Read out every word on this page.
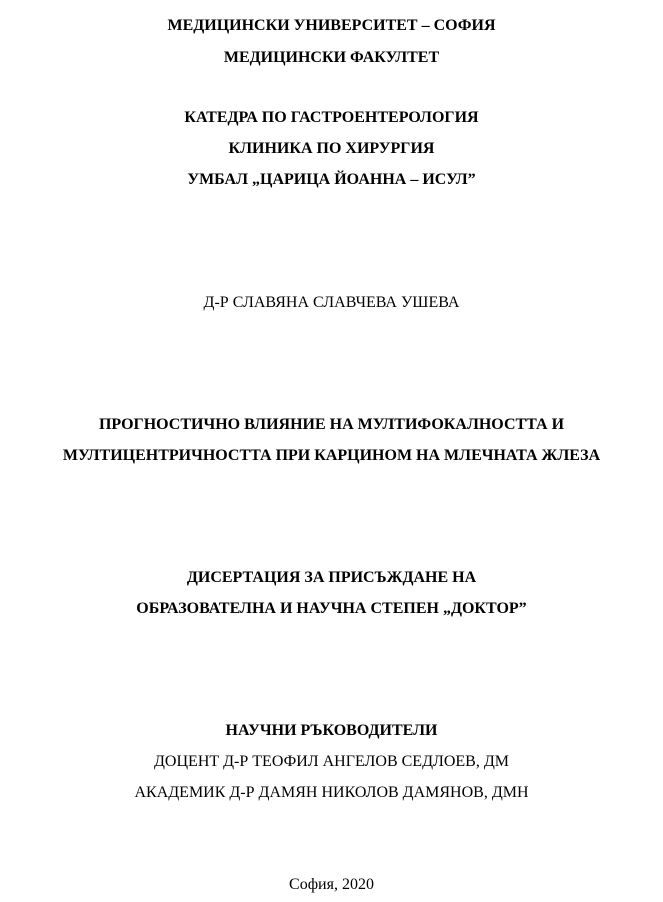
МЕДИЦИНСКИ УНИВЕРСИТЕТ – СОФИЯ
МЕДИЦИНСКИ ФАКУЛТЕТ
КАТЕДРА ПО ГАСТРОЕНТЕРОЛОГИЯ
КЛИНИКА ПО ХИРУРГИЯ
УМБАЛ „ЦАРИЦА ЙОАННА – ИСУЛ”
Д-Р СЛАВЯНА СЛАВЧЕВА УШЕВА
ПРОГНОСТИЧНО ВЛИЯНИЕ НА МУЛТИФОКАЛНОСТТА И
МУЛТИЦЕНТРИЧНОСТТА ПРИ КАРЦИНОМ НА МЛЕЧНАТА ЖЛЕЗА
ДИСЕРТАЦИЯ ЗА ПРИСЪЖДАНЕ НА
ОБРАЗОВАТЕЛНА И НАУЧНА СТЕПЕН „ДОКТОР”
НАУЧНИ РЪКОВОДИТЕЛИ
ДОЦЕНТ Д-Р ТЕОФИЛ АНГЕЛОВ СЕДЛОЕВ, ДМ
АКАДЕМИК Д-Р ДАМЯН НИКОЛОВ ДАМЯНОВ, ДМН
София, 2020
